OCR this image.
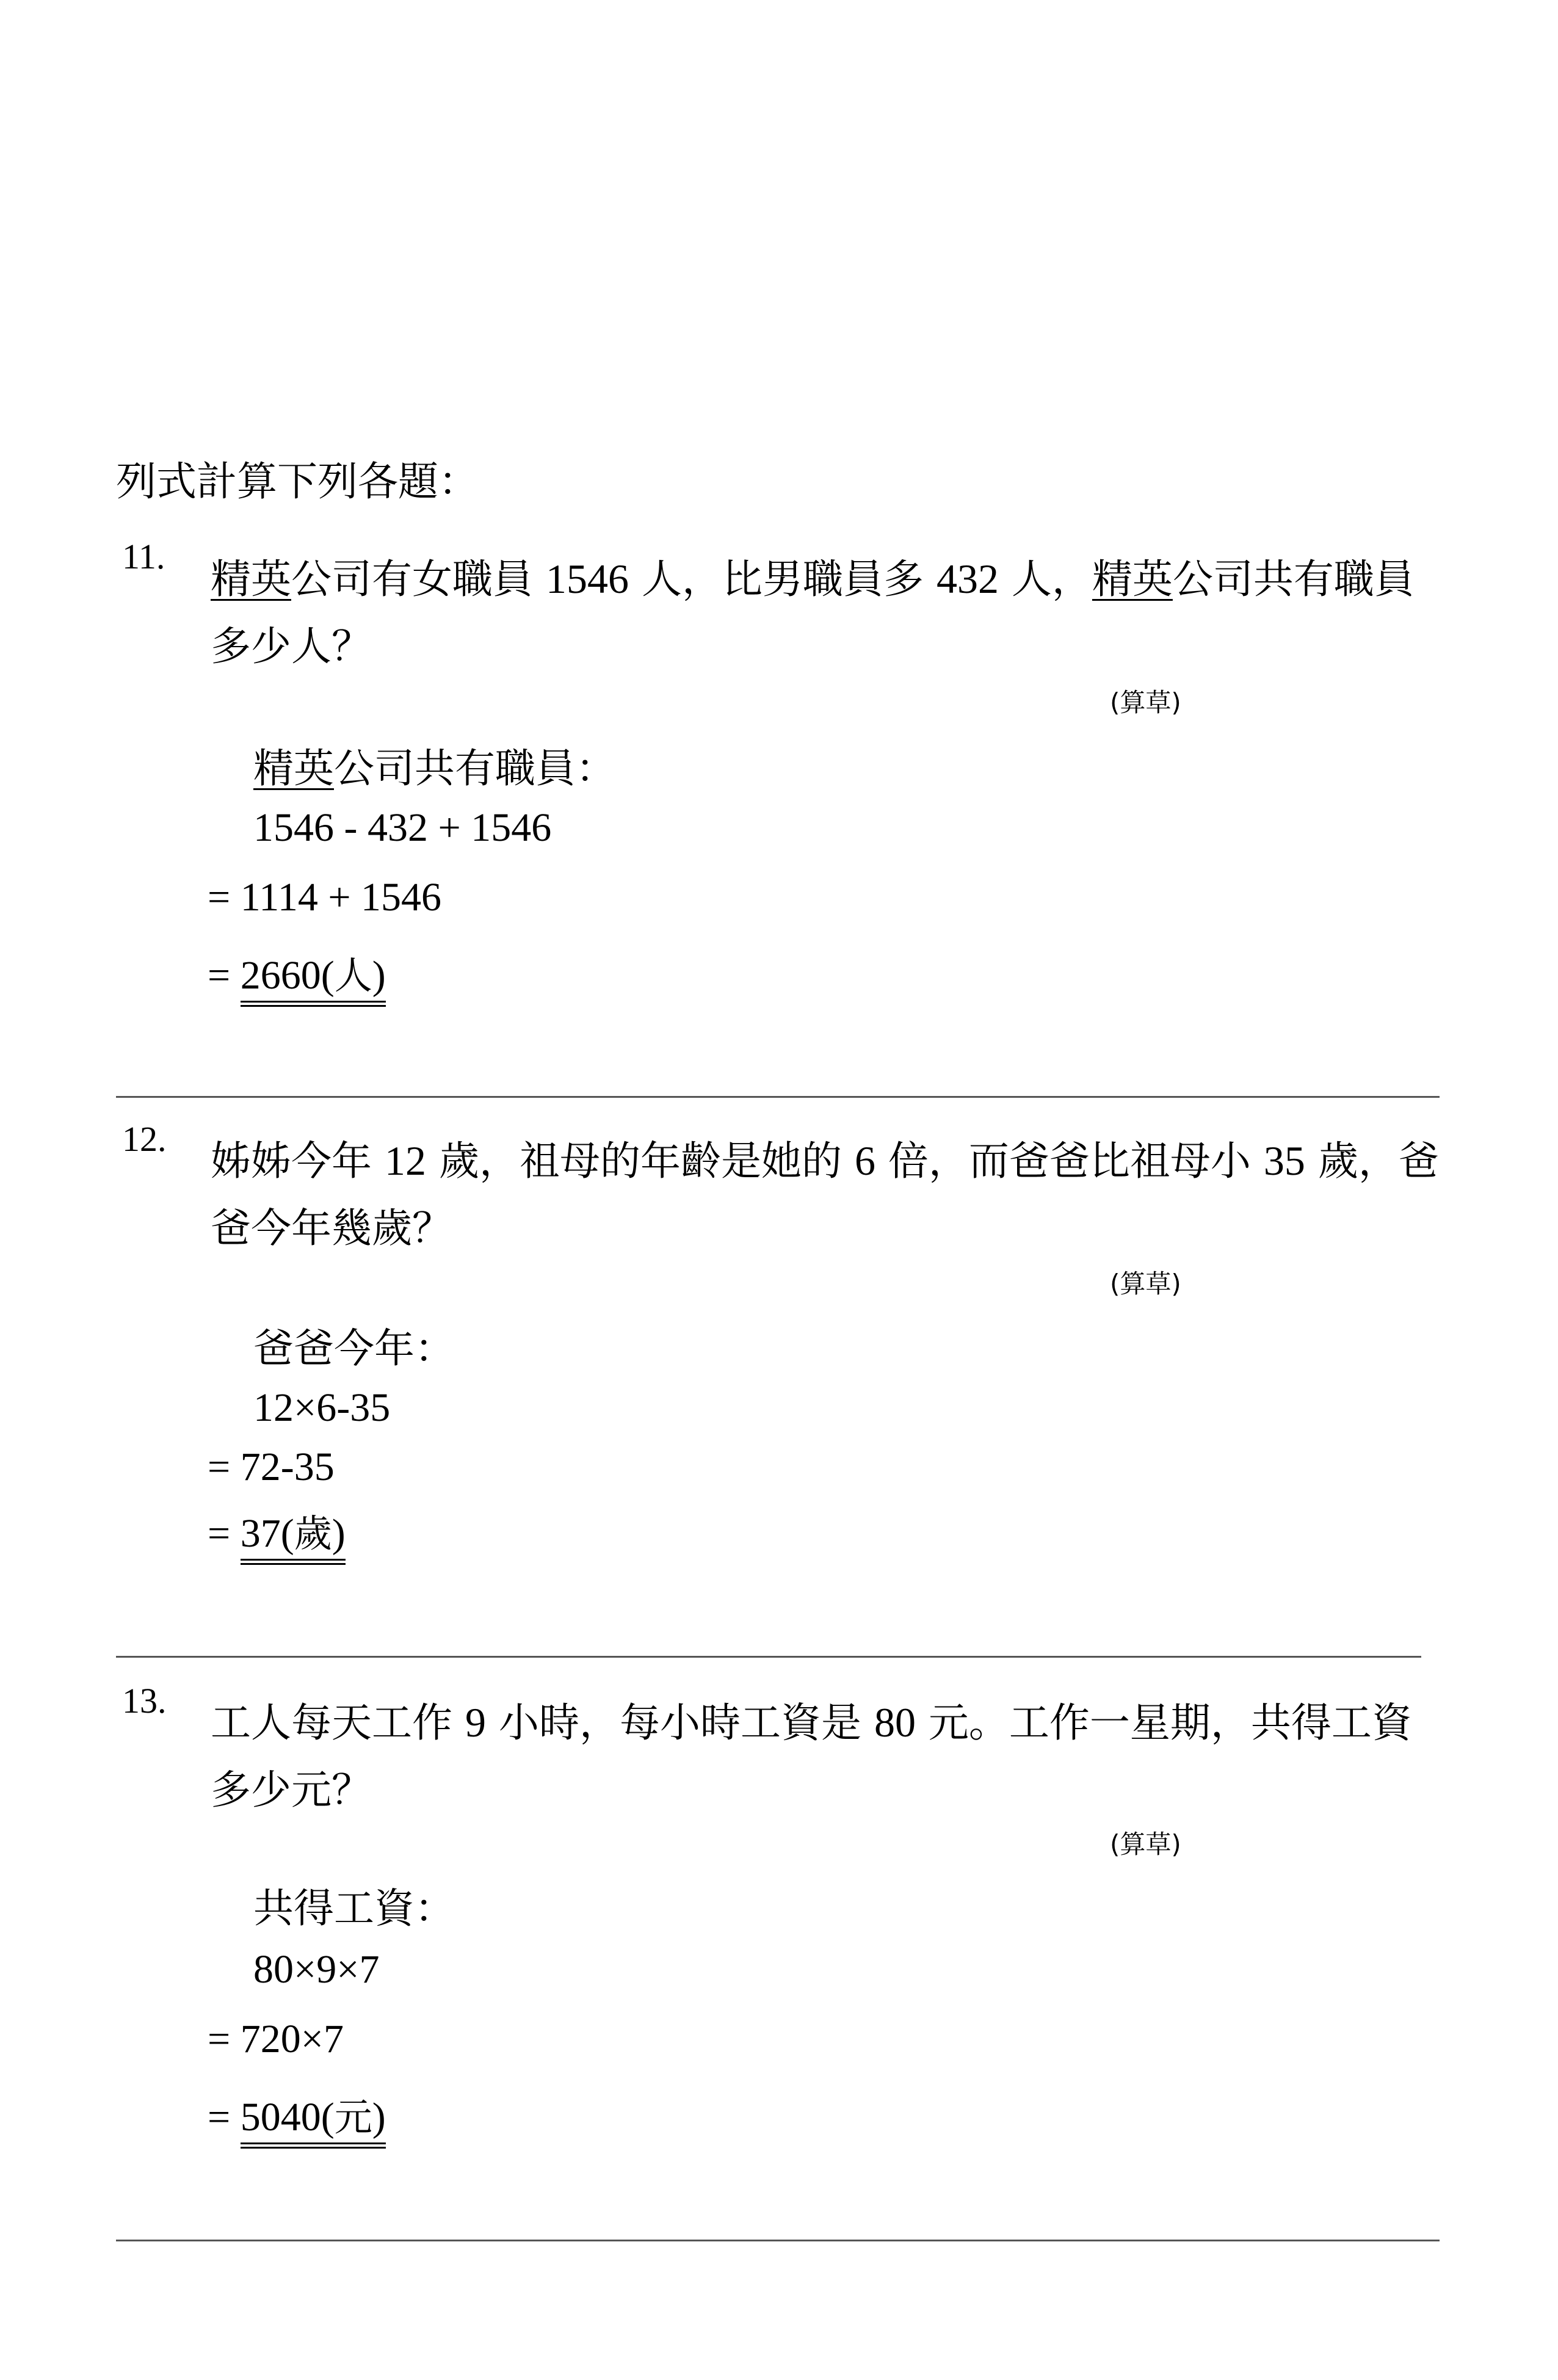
列式計算下列各題：
11. 精英公司有女職員 1546 人，比男職員多 432 人，精英公司共有職員
多少人？
(算草)
精英公司共有職員：
1546 - 432 + 1546
= 1114 + 1546
= 2660(人)
12. 姊姊今年 12 歲，祖母的年齡是她的 6 倍，而爸爸比祖母小 35 歲，爸
爸今年幾歲？
(算草)
爸爸今年：
12×6-35
= 72-35
= 37(歲)
13. 工人每天工作 9 小時，每小時工資是 80 元。工作一星期，共得工資
多少元？
(算草)
共得工資：
80×9×7
= 720×7
= 5040(元)
